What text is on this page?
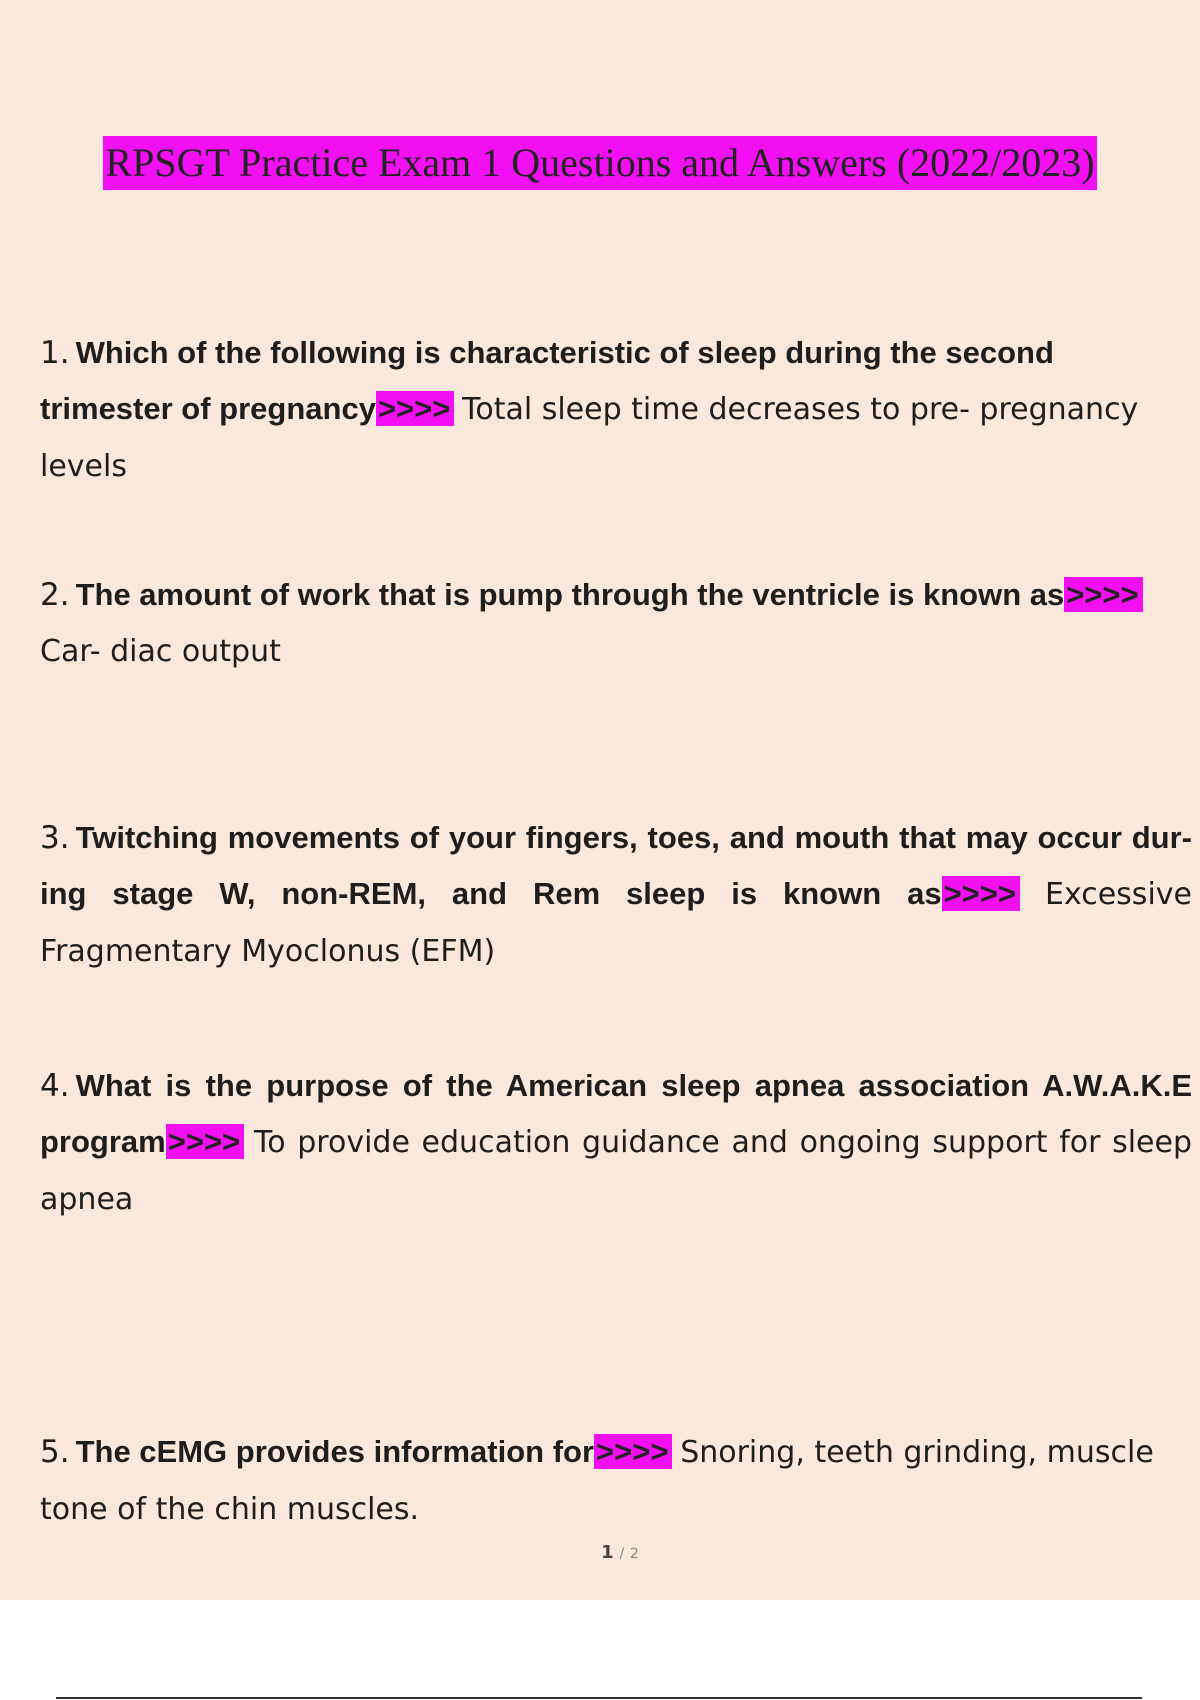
RPSGT Practice Exam 1 Questions and Answers (2022/2023)
1. Which of the following is characteristic of sleep during the second trimester of pregnancy>>>> Total sleep time decreases to pre- pregnancy levels
2. The amount of work that is pump through the ventricle is known as>>>> Car- diac output
3. Twitching movements of your fingers, toes, and mouth that may occur dur- ing stage W, non-REM, and Rem sleep is known as>>>> Excessive Fragmentary Myoclonus (EFM)
4. What is the purpose of the American sleep apnea association A.W.A.K.E program>>>> To provide education guidance and ongoing support for sleep apnea
5. The cEMG provides information for>>>> Snoring, teeth grinding, muscle tone of the chin muscles.
1 / 2
